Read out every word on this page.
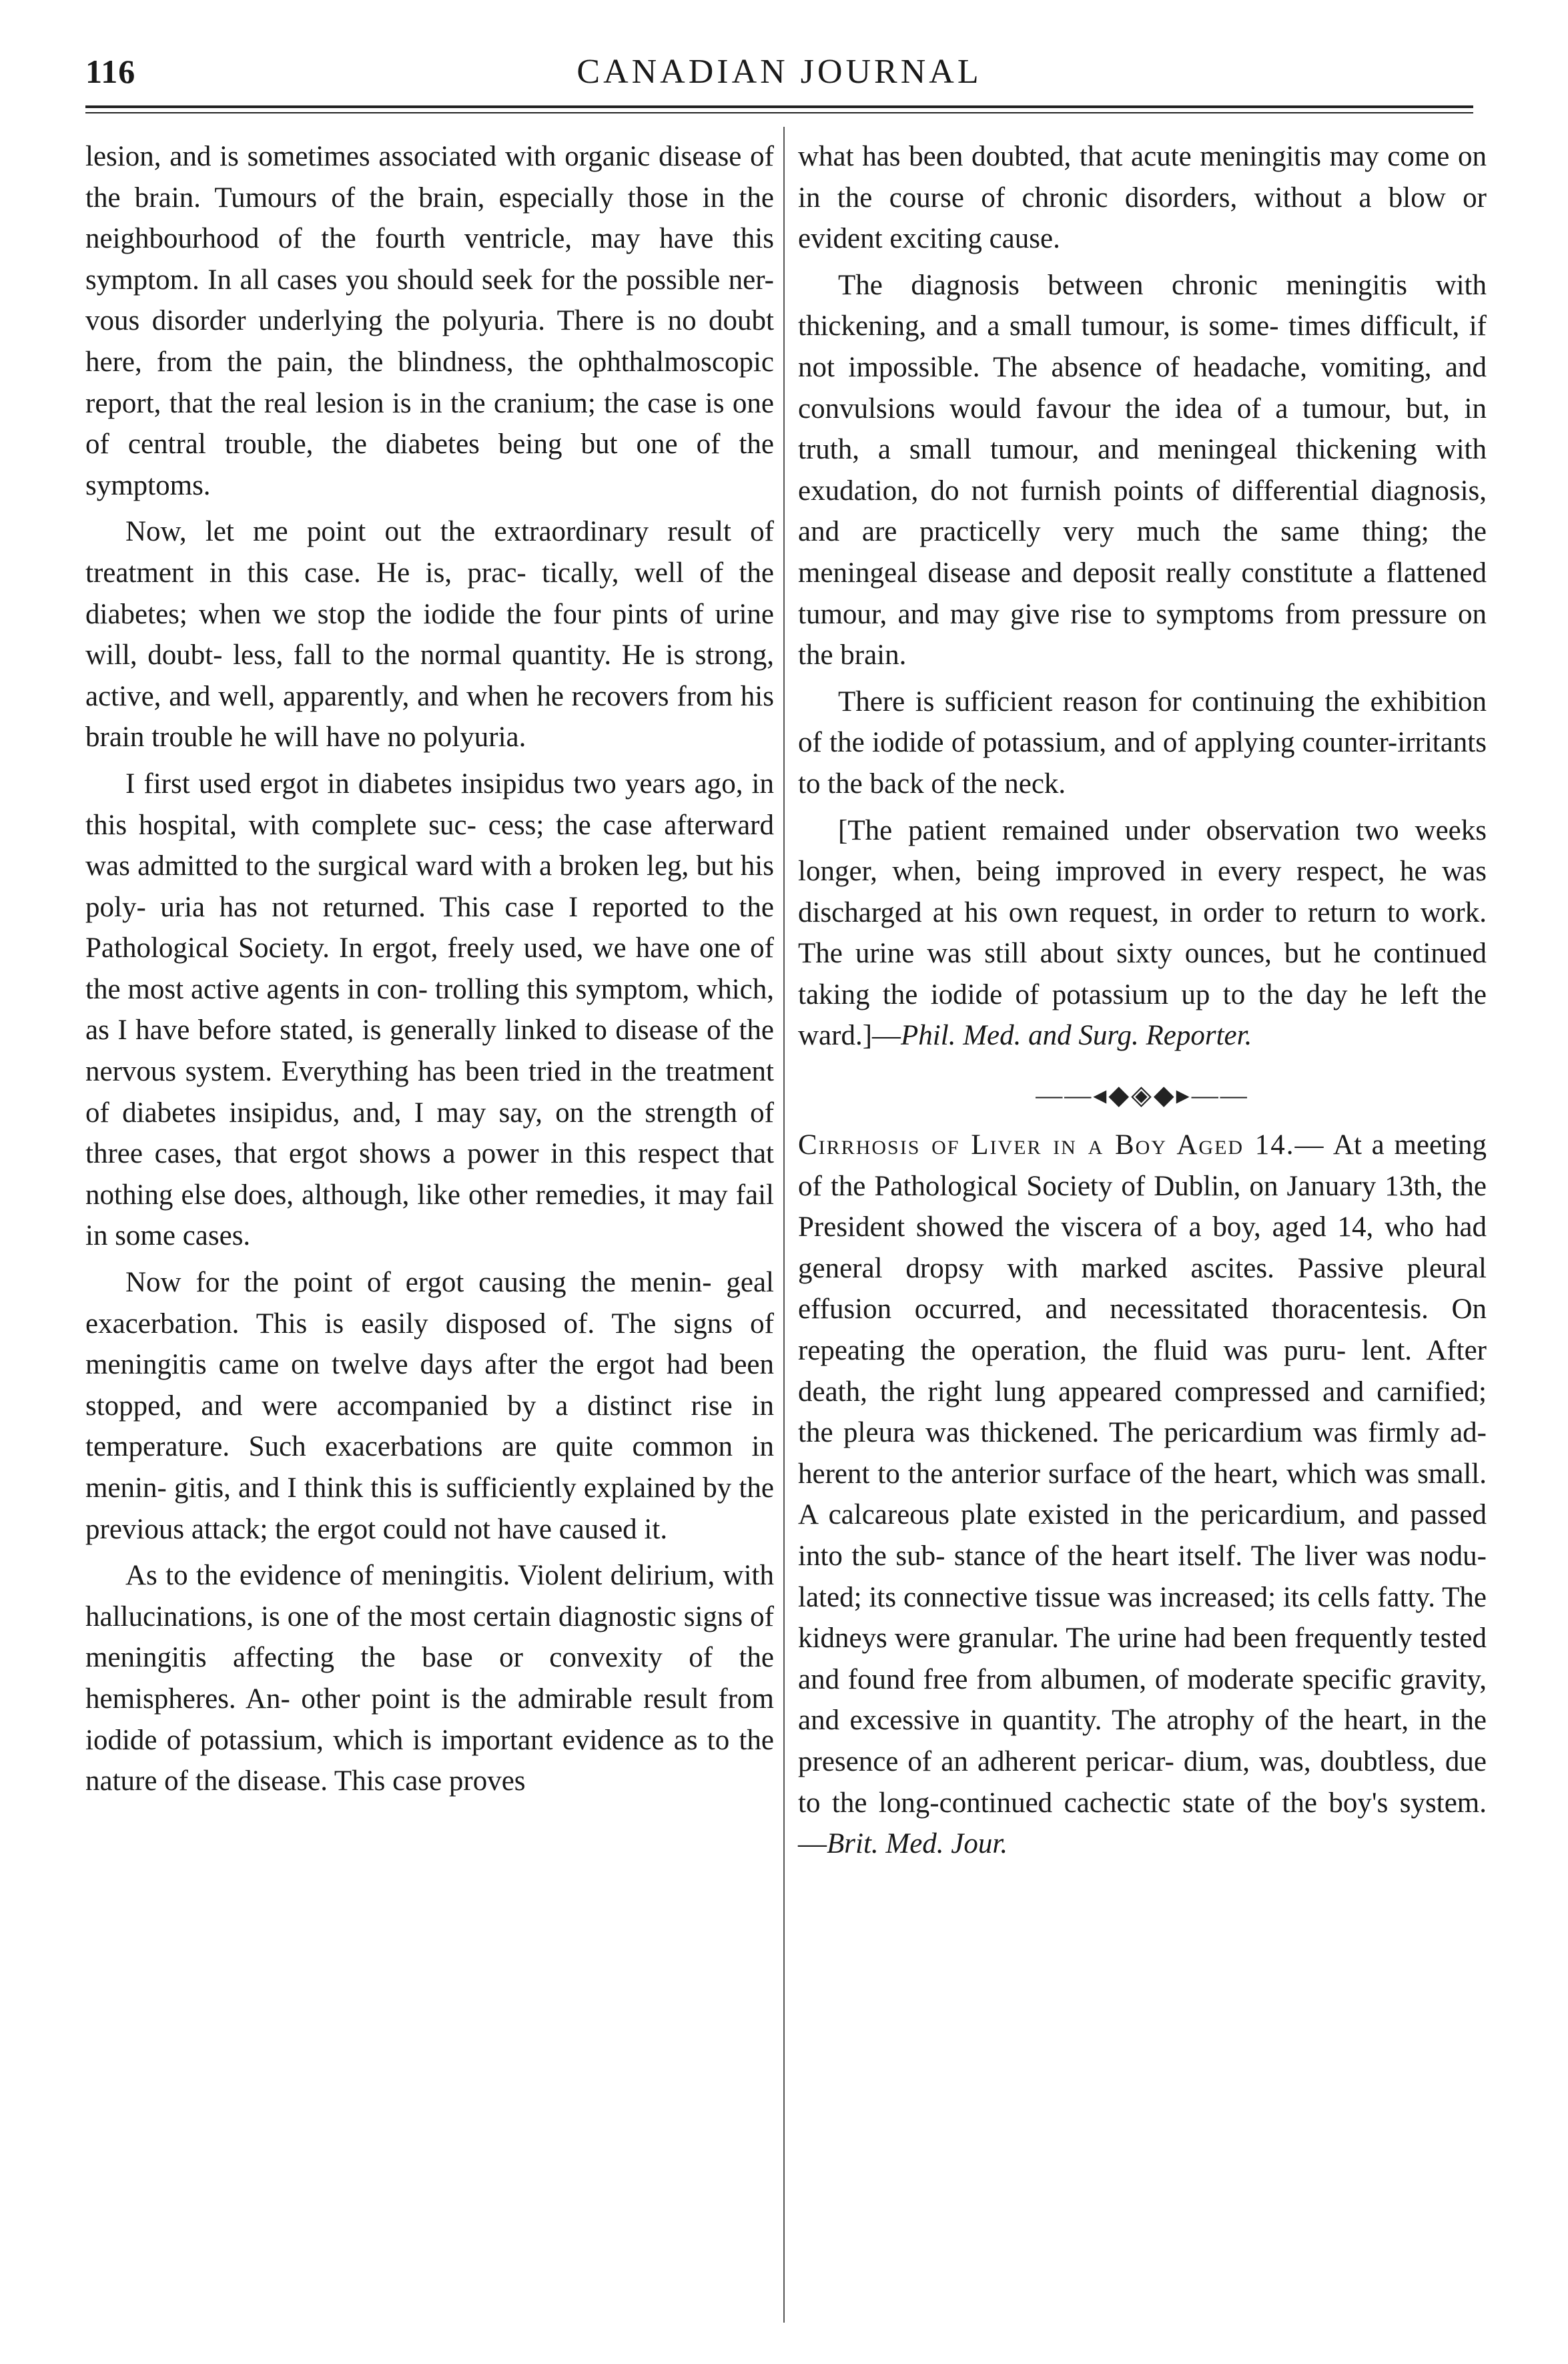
116	CANADIAN JOURNAL

lesion, and is sometimes associated with organic disease of the brain. Tumours of the brain, especially those in the neighbourhood of the fourth ventricle, may have this symptom. In all cases you should seek for the possible ner- vous disorder underlying the polyuria. There is no doubt here, from the pain, the blindness, the ophthalmoscopic report, that the real lesion is in the cranium; the case is one of central trouble, the diabetes being but one of the symptoms.

Now, let me point out the extraordinary result of treatment in this case. He is, prac- tically, well of the diabetes; when we stop the iodide the four pints of urine will, doubt- less, fall to the normal quantity. He is strong, active, and well, apparently, and when he recovers from his brain trouble he will have no polyuria.

I first used ergot in diabetes insipidus two years ago, in this hospital, with complete suc- cess; the case afterward was admitted to the surgical ward with a broken leg, but his poly- uria has not returned. This case I reported to the Pathological Society. In ergot, freely used, we have one of the most active agents in con- trolling this symptom, which, as I have before stated, is generally linked to disease of the nervous system. Everything has been tried in the treatment of diabetes insipidus, and, I may say, on the strength of three cases, that ergot shows a power in this respect that nothing else does, although, like other remedies, it may fail in some cases.

Now for the point of ergot causing the menin- geal exacerbation. This is easily disposed of. The signs of meningitis came on twelve days after the ergot had been stopped, and were accompanied by a distinct rise in temperature. Such exacerbations are quite common in menin- gitis, and I think this is sufficiently explained by the previous attack; the ergot could not have caused it.

As to the evidence of meningitis. Violent delirium, with hallucinations, is one of the most certain diagnostic signs of meningitis affecting the base or convexity of the hemispheres. An- other point is the admirable result from iodide of potassium, which is important evidence as to the nature of the disease. This case proves

what has been doubted, that acute meningitis may come on in the course of chronic disorders, without a blow or evident exciting cause.

The diagnosis between chronic meningitis with thickening, and a small tumour, is some- times difficult, if not impossible. The absence of headache, vomiting, and convulsions would favour the idea of a tumour, but, in truth, a small tumour, and meningeal thickening with exudation, do not furnish points of differential diagnosis, and are practicelly very much the same thing; the meningeal disease and deposit really constitute a flattened tumour, and may give rise to symptoms from pressure on the brain.

There is sufficient reason for continuing the exhibition of the iodide of potassium, and of applying counter-irritants to the back of the neck.

[The patient remained under observation two weeks longer, when, being improved in every respect, he was discharged at his own request, in order to return to work. The urine was still about sixty ounces, but he continued taking the iodide of potassium up to the day he left the ward.]—Phil. Med. and Surg. Reporter.

——◂◆◈◆▸——

Cirrhosis of Liver in a Boy Aged 14.— At a meeting of the Pathological Society of Dublin, on January 13th, the President showed the viscera of a boy, aged 14, who had general dropsy with marked ascites. Passive pleural effusion occurred, and necessitated thoracentesis. On repeating the operation, the fluid was puru- lent. After death, the right lung appeared compressed and carnified; the pleura was thickened. The pericardium was firmly ad- herent to the anterior surface of the heart, which was small. A calcareous plate existed in the pericardium, and passed into the sub- stance of the heart itself. The liver was nodu- lated; its connective tissue was increased; its cells fatty. The kidneys were granular. The urine had been frequently tested and found free from albumen, of moderate specific gravity, and excessive in quantity. The atrophy of the heart, in the presence of an adherent pericar- dium, was, doubtless, due to the long-continued cachectic state of the boy's system. —Brit. Med. Jour.
